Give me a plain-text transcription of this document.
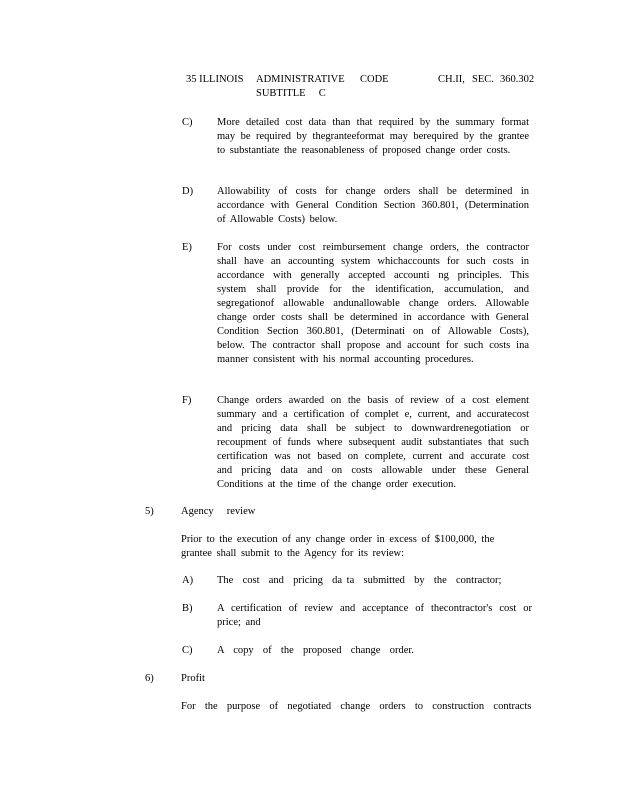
35 ILLINOIS ADMINISTRATIVE CODE	CH.II, SEC. 360.302
SUBTITLE     C
C) More detailed cost data than that required by the summary format may be required by thegranteeformat may berequired by the grantee to substantiate the reasonableness of proposed change order costs.
D) Allowability of costs for change orders shall be determined in accordance with General Condition Section 360.801, (Determination of Allowable Costs) below.
E) For costs under cost reimbursement change orders, the contractor shall have an accounting system whichaccounts for such costs in accordance with generally accepted accounti ng principles. This system shall provide for the identification, accumulation, and segregationof allowable andunallowable change orders. Allowable change order costs shall be determined in accordance with General Condition Section 360.801, (Determinati on of Allowable Costs), below. The contractor shall propose and account for such costs ina manner consistent with his normal accounting procedures.
F) Change orders awarded on the basis of review of a cost element summary and a certification of complet e, current, and accuratecost and pricing data shall be subject to downwardrenegotiation or recoupment of funds where subsequent audit substantiates that such certification was not based on complete, current and accurate cost and pricing data and on costs allowable under these General Conditions at the time of the change order execution.
5)	Agency     review
Prior to the execution of any change order in excess of $100,000, the grantee shall submit to the Agency for its review:
A) The  cost  and  pricing  da ta  submitted  by  the  contractor;
B) A certification of review and acceptance of thecontractor's cost or price; and
C) A  copy  of  the  proposed  change  order.
6)	Profit
For  the  purpose  of  negotiated  change  orders  to  construction  contracts
